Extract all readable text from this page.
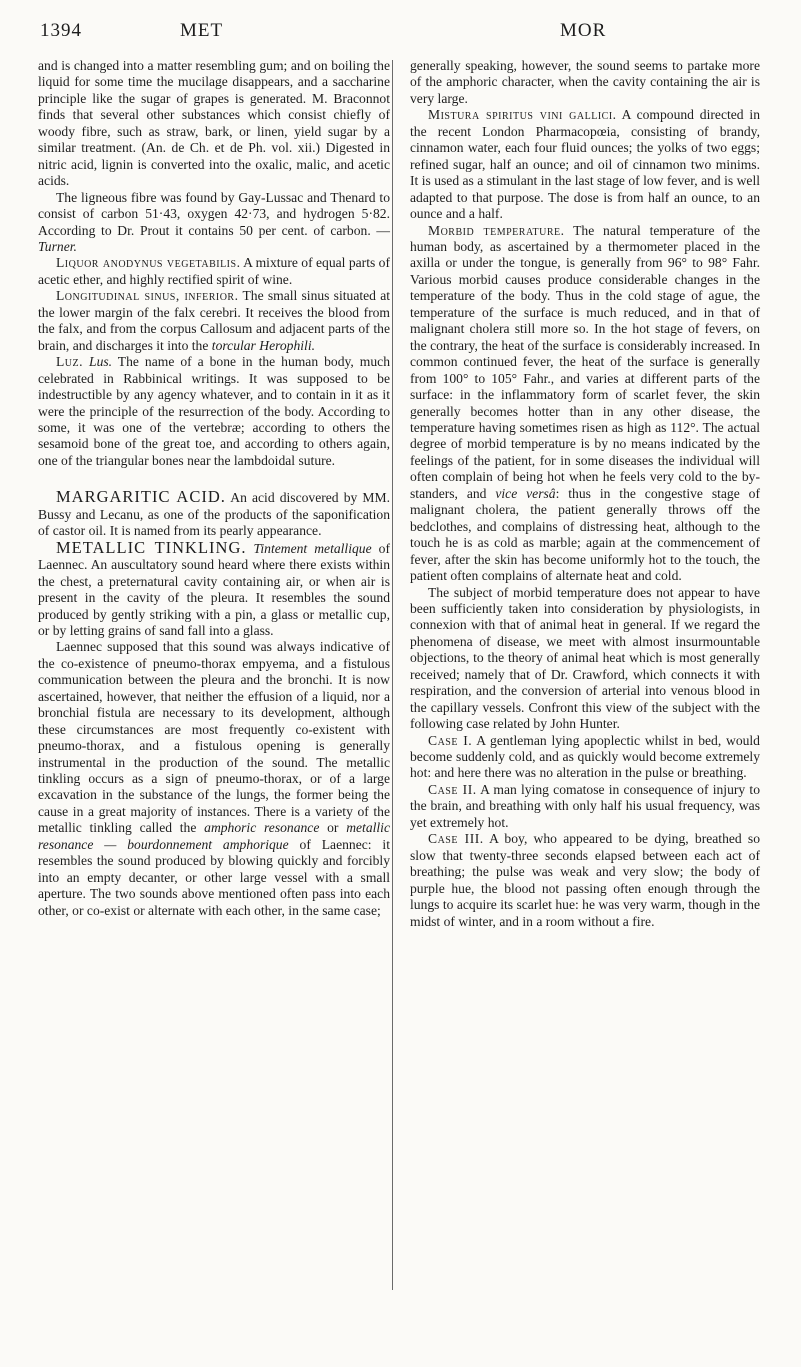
1394	MET	MOR

and is changed into a matter resembling gum; and on boiling the liquid for some time the mucilage disappears, and a saccharine principle like the sugar of grapes is generated. M. Braconnot finds that several other substances which consist chiefly of woody fibre, such as straw, bark, or linen, yield sugar by a similar treatment. (An. de Ch. et de Ph. vol. xii.) Digested in nitric acid, lignin is converted into the oxalic, malic, and acetic acids.

The ligneous fibre was found by Gay-Lussac and Thenard to consist of carbon 51·43, oxygen 42·73, and hydrogen 5·82. According to Dr. Prout it contains 50 per cent. of carbon. — Turner.

Liquor anodynus vegetabilis. A mixture of equal parts of acetic ether, and highly rectified spirit of wine.

Longitudinal sinus, inferior. The small sinus situated at the lower margin of the falx cerebri. It receives the blood from the falx, and from the corpus Callosum and adjacent parts of the brain, and discharges it into the torcular Herophili.

Luz. Lus. The name of a bone in the human body, much celebrated in Rabbinical writings. It was supposed to be indestructible by any agency whatever, and to contain in it as it were the principle of the resurrection of the body. According to some, it was one of the vertebræ; according to others the sesamoid bone of the great toe, and according to others again, one of the triangular bones near the lambdoidal suture.

MARGARITIC ACID. An acid discovered by MM. Bussy and Lecanu, as one of the products of the saponification of castor oil. It is named from its pearly appearance.

METALLIC TINKLING. Tintement metallique of Laennec. An auscultatory sound heard where there exists within the chest, a preternatural cavity containing air, or when air is present in the cavity of the pleura. It resembles the sound produced by gently striking with a pin, a glass or metallic cup, or by letting grains of sand fall into a glass.

Laennec supposed that this sound was always indicative of the co-existence of pneumo-thorax empyema, and a fistulous communication between the pleura and the bronchi. It is now ascertained, however, that neither the effusion of a liquid, nor a bronchial fistula are necessary to its development, although these circumstances are most frequently co-existent with pneumo-thorax, and a fistulous opening is generally instrumental in the production of the sound. The metallic tinkling occurs as a sign of pneumo-thorax, or of a large excavation in the substance of the lungs, the former being the cause in a great majority of instances. There is a variety of the metallic tinkling called the amphoric resonance or metallic resonance — bourdonnement amphorique of Laennec: it resembles the sound produced by blowing quickly and forcibly into an empty decanter, or other large vessel with a small aperture. The two sounds above mentioned often pass into each other, or co-exist or alternate with each other, in the same case;

generally speaking, however, the sound seems to partake more of the amphoric character, when the cavity containing the air is very large.

Mistura spiritus vini gallici. A compound directed in the recent London Pharmacopœia, consisting of brandy, cinnamon water, each four fluid ounces; the yolks of two eggs; refined sugar, half an ounce; and oil of cinnamon two minims. It is used as a stimulant in the last stage of low fever, and is well adapted to that purpose. The dose is from half an ounce, to an ounce and a half.

Morbid temperature. The natural temperature of the human body, as ascertained by a thermometer placed in the axilla or under the tongue, is generally from 96° to 98° Fahr. Various morbid causes produce considerable changes in the temperature of the body. Thus in the cold stage of ague, the temperature of the surface is much reduced, and in that of malignant cholera still more so. In the hot stage of fevers, on the contrary, the heat of the surface is considerably increased. In common continued fever, the heat of the surface is generally from 100° to 105° Fahr., and varies at different parts of the surface: in the inflammatory form of scarlet fever, the skin generally becomes hotter than in any other disease, the temperature having sometimes risen as high as 112°. The actual degree of morbid temperature is by no means indicated by the feelings of the patient, for in some diseases the individual will often complain of being hot when he feels very cold to the by-standers, and vice versâ: thus in the congestive stage of malignant cholera, the patient generally throws off the bedclothes, and complains of distressing heat, although to the touch he is as cold as marble; again at the commencement of fever, after the skin has become uniformly hot to the touch, the patient often complains of alternate heat and cold.

The subject of morbid temperature does not appear to have been sufficiently taken into consideration by physiologists, in connexion with that of animal heat in general. If we regard the phenomena of disease, we meet with almost insurmountable objections, to the theory of animal heat which is most generally received; namely that of Dr. Crawford, which connects it with respiration, and the conversion of arterial into venous blood in the capillary vessels. Confront this view of the subject with the following case related by John Hunter.

Case I. A gentleman lying apoplectic whilst in bed, would become suddenly cold, and as quickly would become extremely hot: and here there was no alteration in the pulse or breathing.

Case II. A man lying comatose in consequence of injury to the brain, and breathing with only half his usual frequency, was yet extremely hot.

Case III. A boy, who appeared to be dying, breathed so slow that twenty-three seconds elapsed between each act of breathing; the pulse was weak and very slow; the body of purple hue, the blood not passing often enough through the lungs to acquire its scarlet hue: he was very warm, though in the midst of winter, and in a room without a fire.
